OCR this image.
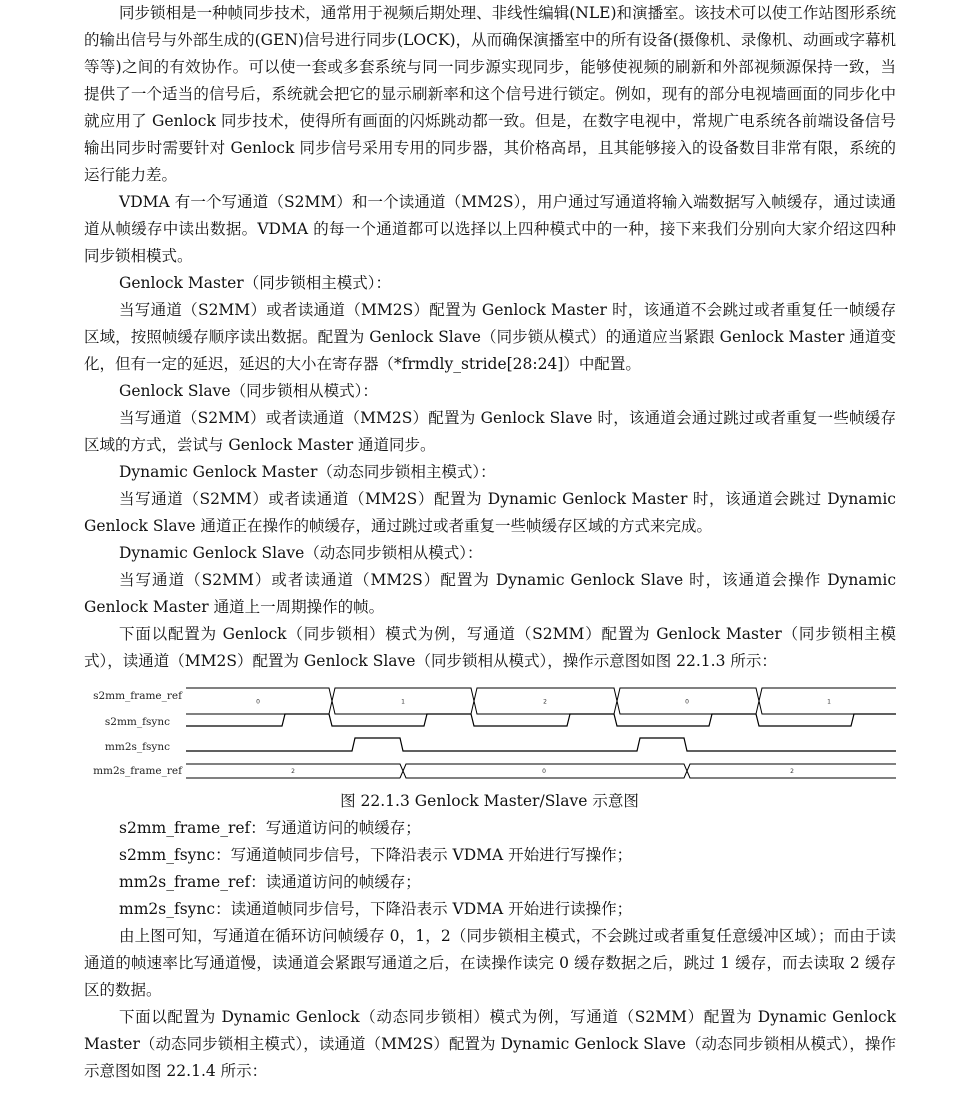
同步锁相是一种帧同步技术，通常用于视频后期处理、非线性编辑(NLE)和演播室。该技术可以使工作站图形系统的输出信号与外部生成的(GEN)信号进行同步(LOCK)，从而确保演播室中的所有设备(摄像机、录像机、动画或字幕机等等)之间的有效协作。可以使一套或多套系统与同一同步源实现同步，能够使视频的刷新和外部视频源保持一致，当提供了一个适当的信号后，系统就会把它的显示刷新率和这个信号进行锁定。例如，现有的部分电视墙画面的同步化中就应用了 Genlock 同步技术，使得所有画面的闪烁跳动都一致。但是，在数字电视中，常规广电系统各前端设备信号输出同步时需要针对 Genlock 同步信号采用专用的同步器，其价格高昂，且其能够接入的设备数目非常有限，系统的运行能力差。

VDMA 有一个写通道（S2MM）和一个读通道（MM2S），用户通过写通道将输入端数据写入帧缓存，通过读通道从帧缓存中读出数据。VDMA 的每一个通道都可以选择以上四种模式中的一种，接下来我们分别向大家介绍这四种同步锁相模式。

Genlock Master（同步锁相主模式）：

当写通道（S2MM）或者读通道（MM2S）配置为 Genlock Master 时，该通道不会跳过或者重复任一帧缓存区域，按照帧缓存顺序读出数据。配置为 Genlock Slave（同步锁从模式）的通道应当紧跟 Genlock Master 通道变化，但有一定的延迟，延迟的大小在寄存器（*frmdly_stride[28:24]）中配置。

Genlock Slave（同步锁相从模式）：

当写通道（S2MM）或者读通道（MM2S）配置为 Genlock Slave 时，该通道会通过跳过或者重复一些帧缓存区域的方式，尝试与 Genlock Master 通道同步。

Dynamic Genlock Master（动态同步锁相主模式）：

当写通道（S2MM）或者读通道（MM2S）配置为 Dynamic Genlock Master 时，该通道会跳过 Dynamic Genlock Slave 通道正在操作的帧缓存，通过跳过或者重复一些帧缓存区域的方式来完成。

Dynamic Genlock Slave（动态同步锁相从模式）：

当写通道（S2MM）或者读通道（MM2S）配置为 Dynamic Genlock Slave 时，该通道会操作 Dynamic Genlock Master 通道上一周期操作的帧。

下面以配置为 Genlock（同步锁相）模式为例，写通道（S2MM）配置为 Genlock Master（同步锁相主模式），读通道（MM2S）配置为 Genlock Slave（同步锁相从模式），操作示意图如图 22.1.3 所示：

s2mm_frame_ref
s2mm_fsync
mm2s_fsync
mm2s_frame_ref
0	1	2	0	1
2	0	2
图 22.1.3 Genlock Master/Slave 示意图
s2mm_frame_ref：写通道访问的帧缓存；
s2mm_fsync：写通道帧同步信号，下降沿表示 VDMA 开始进行写操作；
mm2s_frame_ref：读通道访问的帧缓存；
mm2s_fsync：读通道帧同步信号，下降沿表示 VDMA 开始进行读操作；

由上图可知，写通道在循环访问帧缓存 0，1，2（同步锁相主模式，不会跳过或者重复任意缓冲区域）；而由于读通道的帧速率比写通道慢，读通道会紧跟写通道之后，在读操作读完 0 缓存数据之后，跳过 1 缓存，而去读取 2 缓存区的数据。

下面以配置为 Dynamic Genlock（动态同步锁相）模式为例，写通道（S2MM）配置为 Dynamic Genlock Master（动态同步锁相主模式），读通道（MM2S）配置为 Dynamic Genlock Slave（动态同步锁相从模式），操作示意图如图 22.1.4 所示：
